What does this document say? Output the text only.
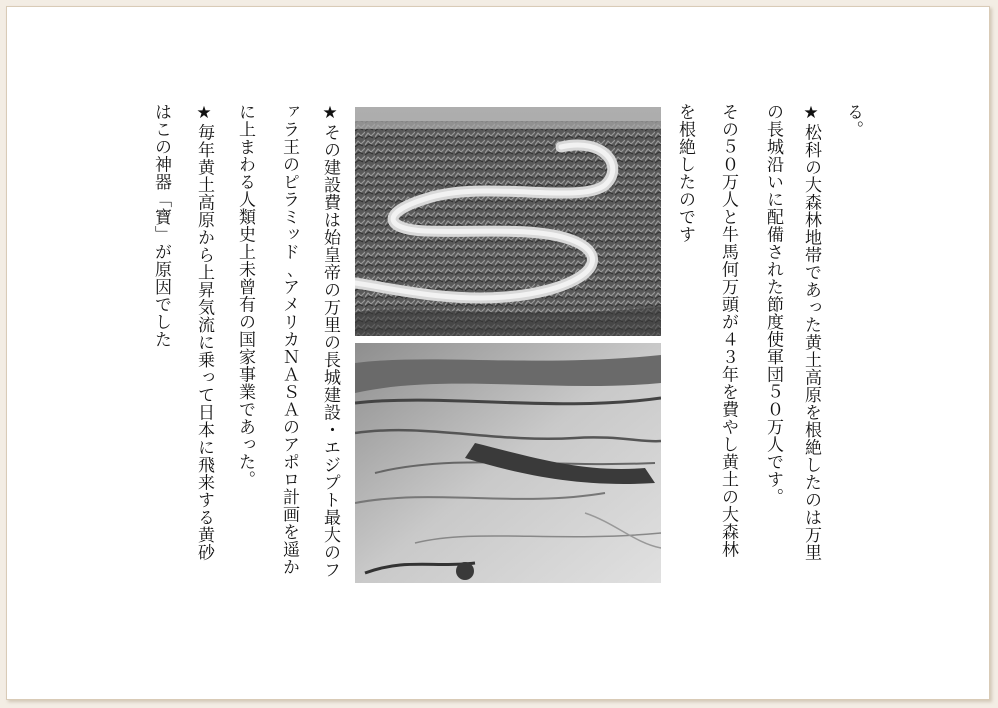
る。
★松科の大森林地帯であった黄土高原を根絶したのは万里
の長城沿いに配備された節度使軍団５０万人です。
その５０万人と牛馬何万頭が４３年を費やし黄土の大森林
を根絶したのです
★その建設費は始皇帝の万里の長城建設・エジプト最大のフ
ァラ王のピラミッド､アメリカＮＡＳＡのアポロ計画を遥か
に上まわる人類史上未曾有の国家事業であった。
★毎年黄土高原から上昇気流に乗って日本に飛来する黄砂
はこの神器「寶」が原因でした
